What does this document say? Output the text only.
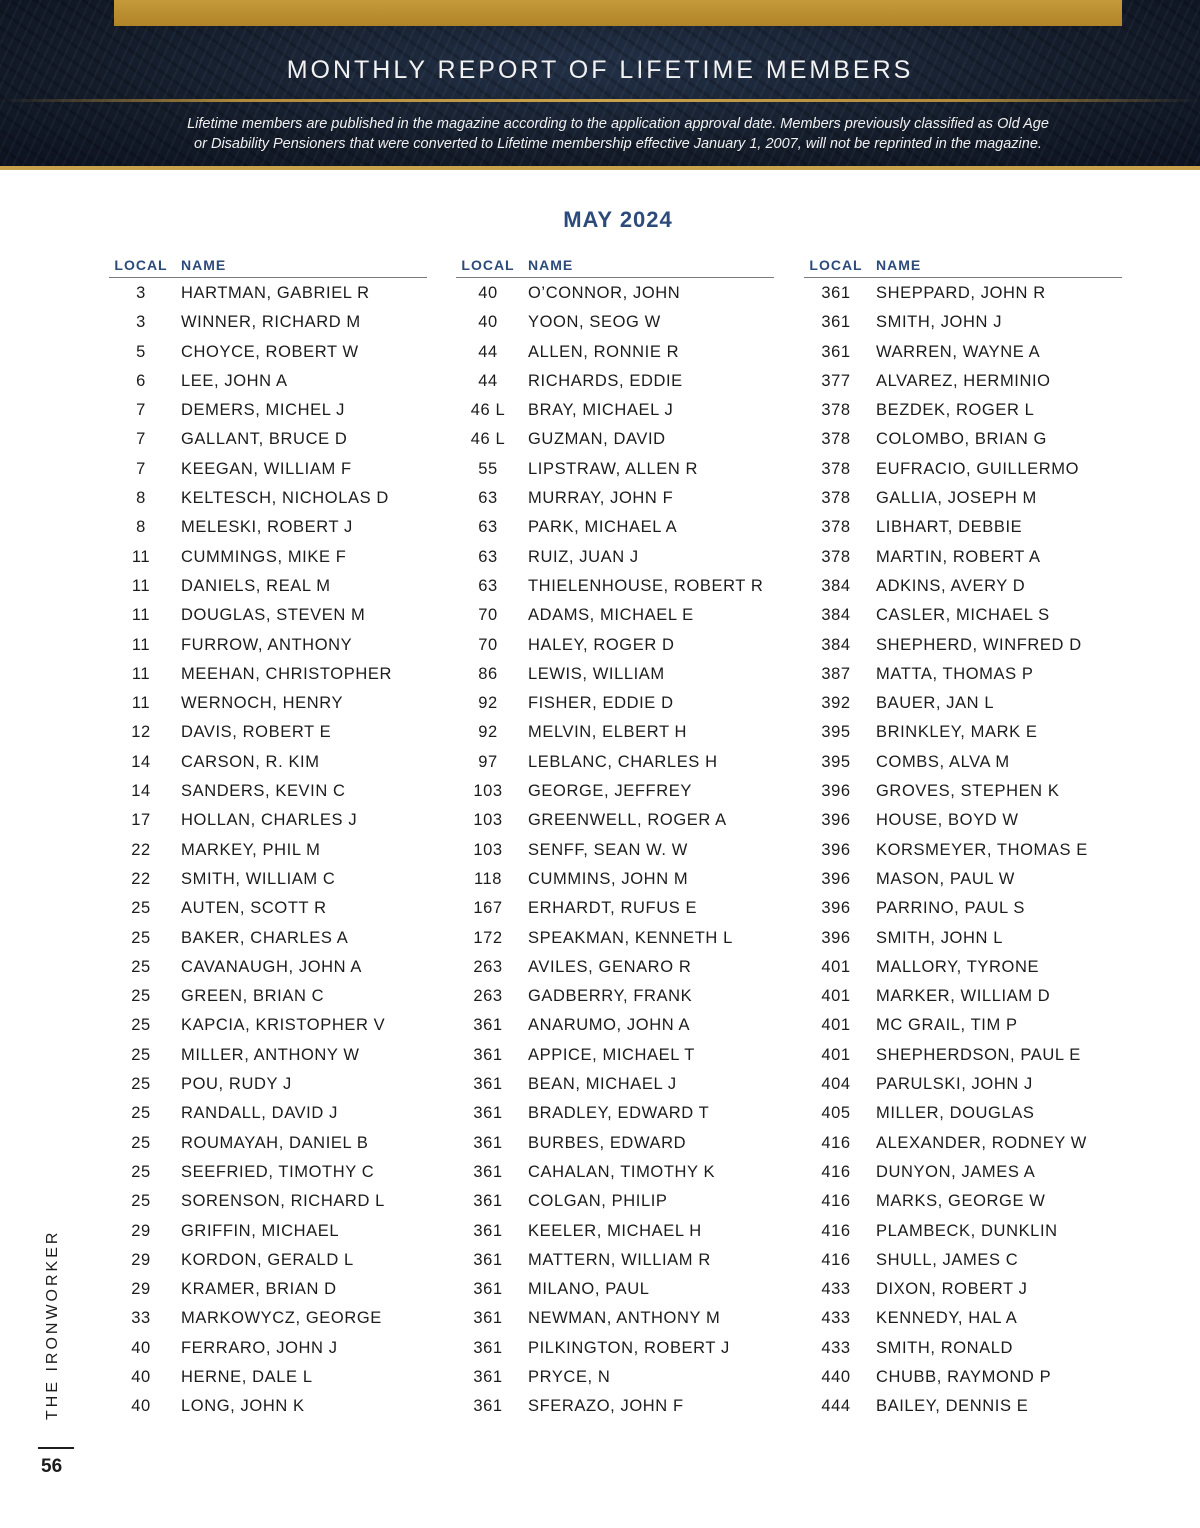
MONTHLY REPORT OF LIFETIME MEMBERS
Lifetime members are published in the magazine according to the application approval date. Members previously classified as Old Age
or Disability Pensioners that were converted to Lifetime membership effective January 1, 2007, will not be reprinted in the magazine.
MAY 2024
LOCAL NAME
3	HARTMAN, GABRIEL R
3	WINNER, RICHARD M
5	CHOYCE, ROBERT W
6	LEE, JOHN A
7	DEMERS, MICHEL J
7	GALLANT, BRUCE D
7	KEEGAN, WILLIAM F
8	KELTESCH, NICHOLAS D
8	MELESKI, ROBERT J
11	CUMMINGS, MIKE F
11	DANIELS, REAL M
11	DOUGLAS, STEVEN M
11	FURROW, ANTHONY
11	MEEHAN, CHRISTOPHER
11	WERNOCH, HENRY
12	DAVIS, ROBERT E
14	CARSON, R. KIM
14	SANDERS, KEVIN C
17	HOLLAN, CHARLES J
22	MARKEY, PHIL M
22	SMITH, WILLIAM C
25	AUTEN, SCOTT R
25	BAKER, CHARLES A
25	CAVANAUGH, JOHN A
25	GREEN, BRIAN C
25	KAPCIA, KRISTOPHER V
25	MILLER, ANTHONY W
25	POU, RUDY J
25	RANDALL, DAVID J
25	ROUMAYAH, DANIEL B
25	SEEFRIED, TIMOTHY C
25	SORENSON, RICHARD L
29	GRIFFIN, MICHAEL
29	KORDON, GERALD L
29	KRAMER, BRIAN D
33	MARKOWYCZ, GEORGE
40	FERRARO, JOHN J
40	HERNE, DALE L
40	LONG, JOHN K
LOCAL NAME
40	O’CONNOR, JOHN
40	YOON, SEOG W
44	ALLEN, RONNIE R
44	RICHARDS, EDDIE
46 L	BRAY, MICHAEL J
46 L	GUZMAN, DAVID
55	LIPSTRAW, ALLEN R
63	MURRAY, JOHN F
63	PARK, MICHAEL A
63	RUIZ, JUAN J
63	THIELENHOUSE, ROBERT R
70	ADAMS, MICHAEL E
70	HALEY, ROGER D
86	LEWIS, WILLIAM
92	FISHER, EDDIE D
92	MELVIN, ELBERT H
97	LEBLANC, CHARLES H
103	GEORGE, JEFFREY
103	GREENWELL, ROGER A
103	SENFF, SEAN W. W
118	CUMMINS, JOHN M
167	ERHARDT, RUFUS E
172	SPEAKMAN, KENNETH L
263	AVILES, GENARO R
263	GADBERRY, FRANK
361	ANARUMO, JOHN A
361	APPICE, MICHAEL T
361	BEAN, MICHAEL J
361	BRADLEY, EDWARD T
361	BURBES, EDWARD
361	CAHALAN, TIMOTHY K
361	COLGAN, PHILIP
361	KEELER, MICHAEL H
361	MATTERN, WILLIAM R
361	MILANO, PAUL
361	NEWMAN, ANTHONY M
361	PILKINGTON, ROBERT J
361	PRYCE, N
361	SFERAZO, JOHN F
LOCAL NAME
361	SHEPPARD, JOHN R
361	SMITH, JOHN J
361	WARREN, WAYNE A
377	ALVAREZ, HERMINIO
378	BEZDEK, ROGER L
378	COLOMBO, BRIAN G
378	EUFRACIO, GUILLERMO
378	GALLIA, JOSEPH M
378	LIBHART, DEBBIE
378	MARTIN, ROBERT A
384	ADKINS, AVERY D
384	CASLER, MICHAEL S
384	SHEPHERD, WINFRED D
387	MATTA, THOMAS P
392	BAUER, JAN L
395	BRINKLEY, MARK E
395	COMBS, ALVA M
396	GROVES, STEPHEN K
396	HOUSE, BOYD W
396	KORSMEYER, THOMAS E
396	MASON, PAUL W
396	PARRINO, PAUL S
396	SMITH, JOHN L
401	MALLORY, TYRONE
401	MARKER, WILLIAM D
401	MC GRAIL, TIM P
401	SHEPHERDSON, PAUL E
404	PARULSKI, JOHN J
405	MILLER, DOUGLAS
416	ALEXANDER, RODNEY W
416	DUNYON, JAMES A
416	MARKS, GEORGE W
416	PLAMBECK, DUNKLIN
416	SHULL, JAMES C
433	DIXON, ROBERT J
433	KENNEDY, HAL A
433	SMITH, RONALD
440	CHUBB, RAYMOND P
444	BAILEY, DENNIS E
THE IRONWORKER
56
